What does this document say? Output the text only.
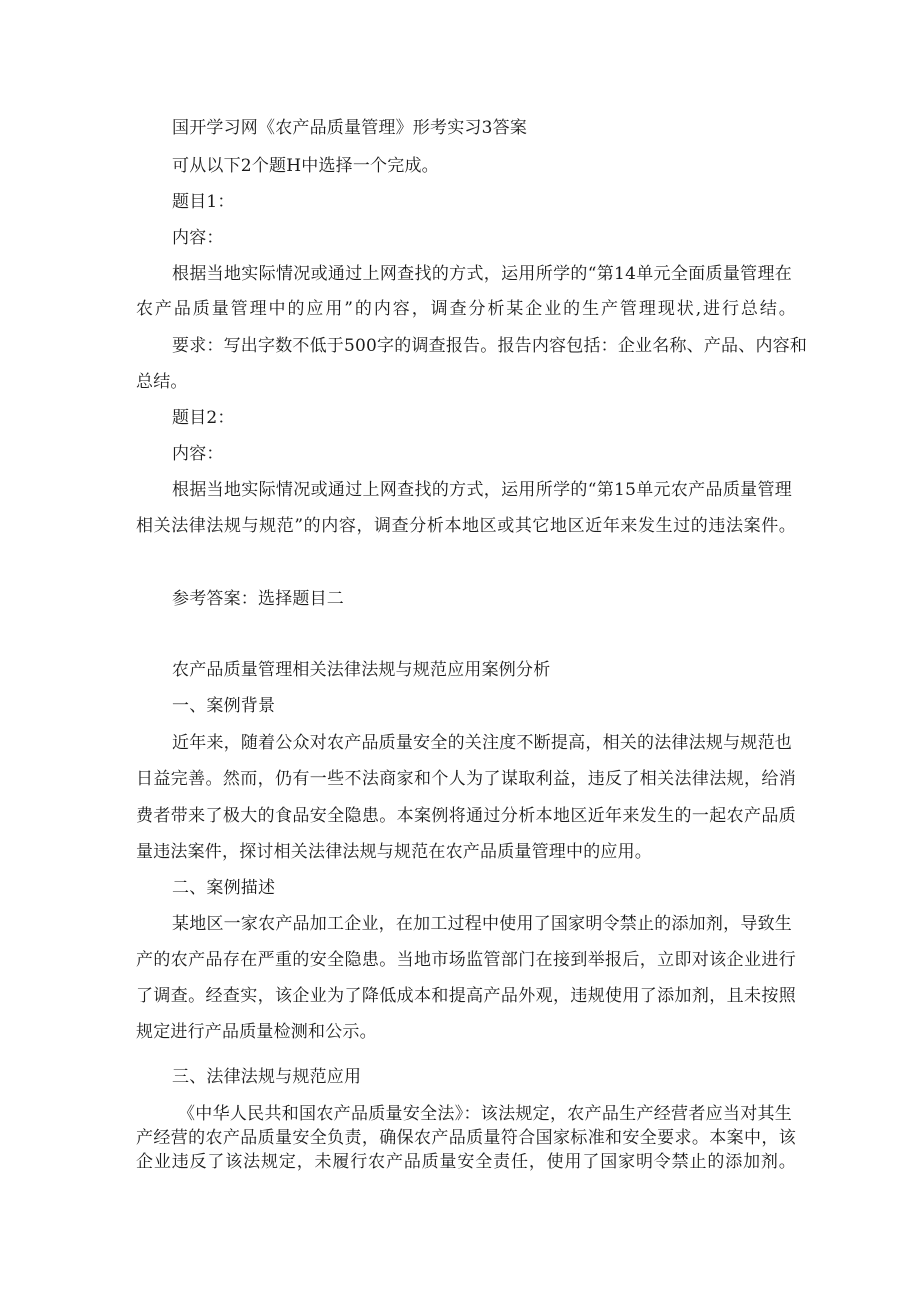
国开学习网《农产品质量管理》形考实习3答案
可从以下2个题H中选择一个完成。
题目1：
内容：
根据当地实际情况或通过上网查找的方式，运用所学的“第14单元全面质量管理在
农产品质量管理中的应用”的内容，调查分析某企业的生产管理现状,进行总结。
要求：写出字数不低于500字的调查报告。报告内容包括：企业名称、产品、内容和
总结。
题目2：
内容：
根据当地实际情况或通过上网查找的方式，运用所学的“第15单元农产品质量管理
相关法律法规与规范”的内容，调查分析本地区或其它地区近年来发生过的违法案件。
参考答案：选择题目二
农产品质量管理相关法律法规与规范应用案例分析
一、案例背景
近年来，随着公众对农产品质量安全的关注度不断提高，相关的法律法规与规范也
日益完善。然而，仍有一些不法商家和个人为了谋取利益，违反了相关法律法规，给消
费者带来了极大的食品安全隐患。本案例将通过分析本地区近年来发生的一起农产品质
量违法案件，探讨相关法律法规与规范在农产品质量管理中的应用。
二、案例描述
某地区一家农产品加工企业，在加工过程中使用了国家明令禁止的添加剂，导致生
产的农产品存在严重的安全隐患。当地市场监管部门在接到举报后，立即对该企业进行
了调查。经查实，该企业为了降低成本和提高产品外观，违规使用了添加剂，且未按照
规定进行产品质量检测和公示。
三、法律法规与规范应用
《中华人民共和国农产品质量安全法》：该法规定，农产品生产经营者应当对其生
产经营的农产品质量安全负责，确保农产品质量符合国家标准和安全要求。本案中，该
企业违反了该法规定，未履行农产品质量安全责任，使用了国家明令禁止的添加剂。
